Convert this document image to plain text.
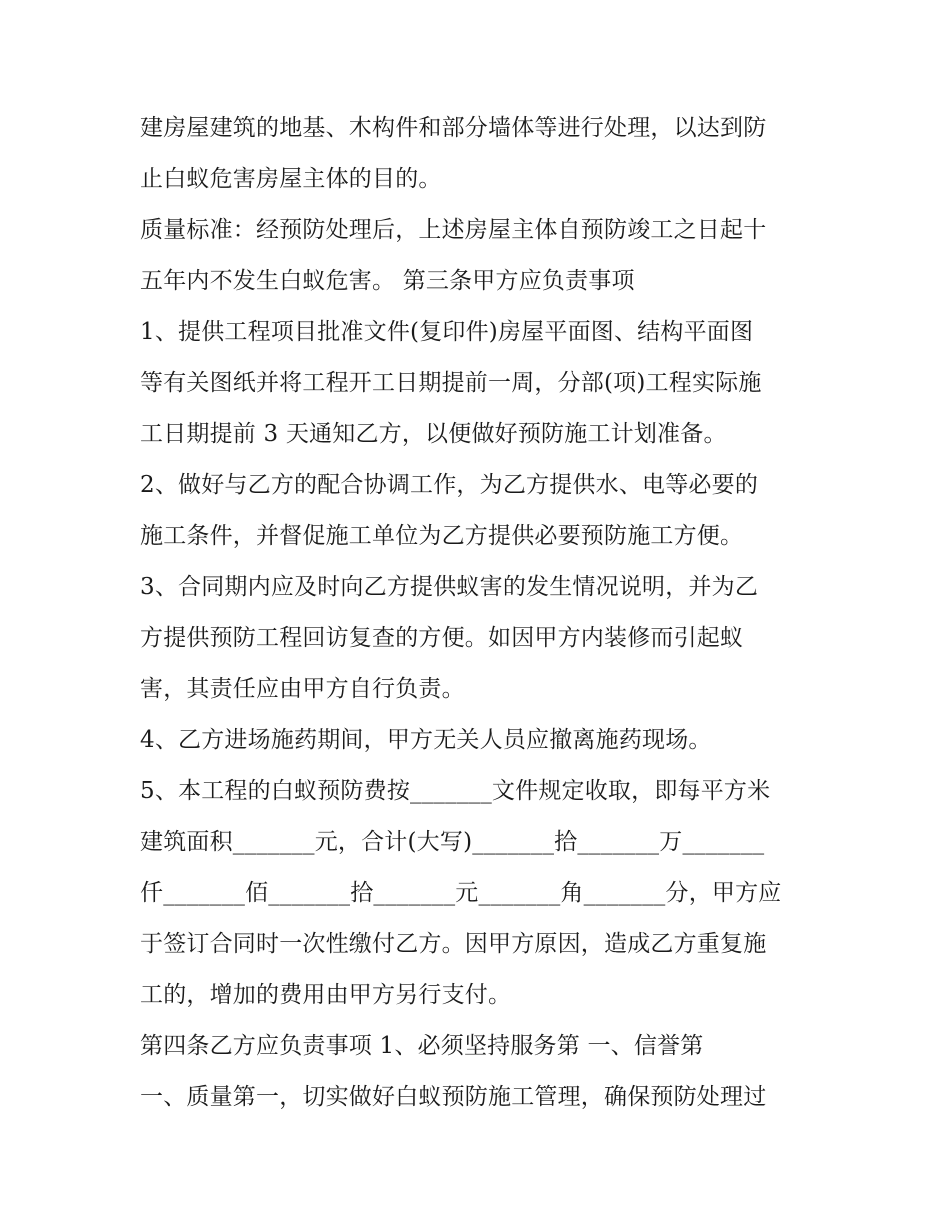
建房屋建筑的地基、木构件和部分墙体等进行处理，以达到防
止白蚁危害房屋主体的目的。
质量标准：经预防处理后，上述房屋主体自预防竣工之日起十
五年内不发生白蚁危害。 第三条甲方应负责事项
1、提供工程项目批准文件(复印件)房屋平面图、结构平面图
等有关图纸并将工程开工日期提前一周，分部(项)工程实际施
工日期提前 3 天通知乙方，以便做好预防施工计划准备。
2、做好与乙方的配合协调工作，为乙方提供水、电等必要的
施工条件，并督促施工单位为乙方提供必要预防施工方便。
3、合同期内应及时向乙方提供蚁害的发生情况说明，并为乙
方提供预防工程回访复查的方便。如因甲方内装修而引起蚁
害，其责任应由甲方自行负责。
4、乙方进场施药期间，甲方无关人员应撤离施药现场。
5、本工程的白蚁预防费按_______文件规定收取，即每平方米
建筑面积_______元，合计(大写)_______拾_______万_______
仟_______佰_______拾_______元_______角_______分，甲方应
于签订合同时一次性缴付乙方。因甲方原因，造成乙方重复施
工的，增加的费用由甲方另行支付。
第四条乙方应负责事项 1、必须坚持服务第 一、信誉第
一、质量第一，切实做好白蚁预防施工管理，确保预防处理过
